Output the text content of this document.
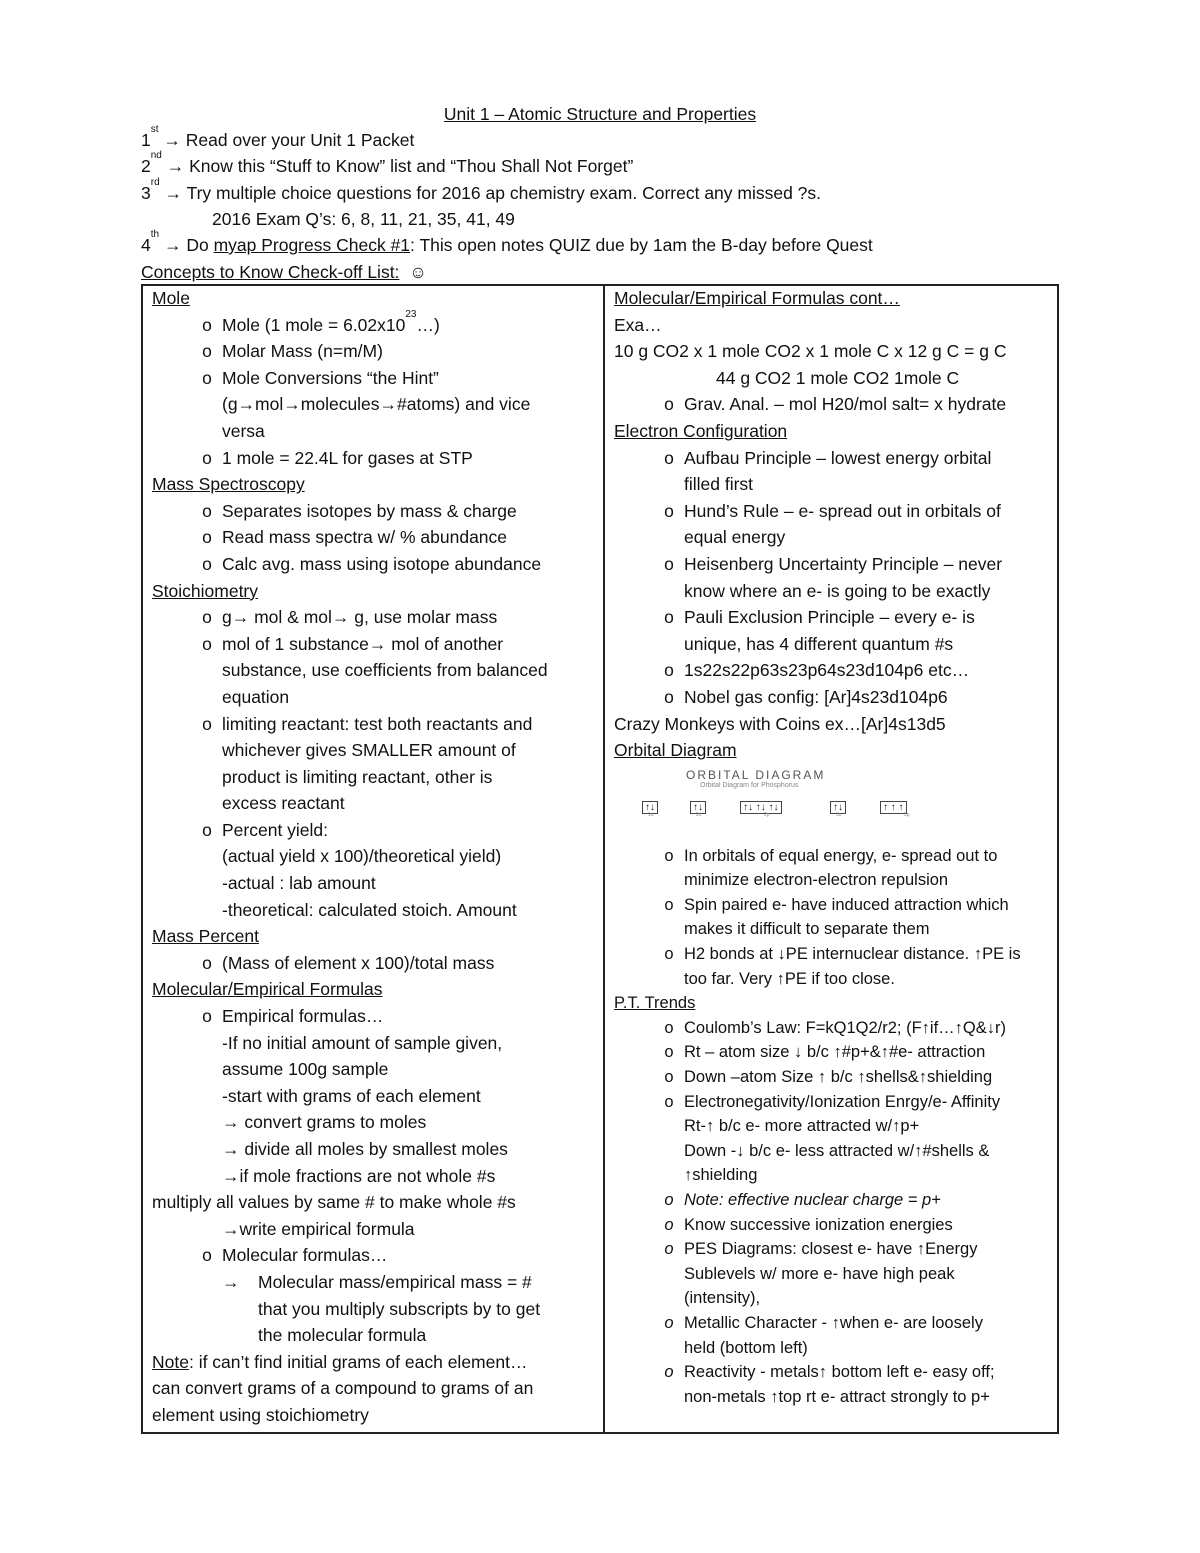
Unit 1 – Atomic Structure and Properties
1st → Read over your Unit 1 Packet
2nd → Know this “Stuff to Know” list and “Thou Shall Not Forget”
3rd → Try multiple choice questions for 2016 ap chemistry exam. Correct any missed ?s.
2016 Exam Q’s: 6, 8, 11, 21, 35, 41, 49
4th → Do myap Progress Check #1: This open notes QUIZ due by 1am the B-day before Quest
Concepts to Know Check-off List: ☺
Mole
o Mole (1 mole = $6.02x10^{23}\dots$)
o Molar Mass (n=m/M)
o Mole Conversions “the Hint”
(g→mol→molecules→#atoms) and vice
versa
o 1 mole = 22.4L for gases at STP
Mass Spectroscopy
o Separates isotopes by mass & charge
o Read mass spectra w/ % abundance
o Calc avg. mass using isotope abundance
Stoichiometry
o g→ mol & mol→ g, use molar mass
o mol of 1 substance→ mol of another
substance, use coefficients from balanced
equation
o limiting reactant: test both reactants and
whichever gives SMALLER amount of
product is limiting reactant, other is
excess reactant
o Percent yield:
(actual yield x 100)/theoretical yield)
-actual : lab amount
-theoretical: calculated stoich. Amount
Mass Percent
o (Mass of element x 100)/total mass
Molecular/Empirical Formulas
o Empirical formulas…
-If no initial amount of sample given,
assume 100g sample
-start with grams of each element
→ convert grams to moles
→ divide all moles by smallest moles
→if mole fractions are not whole #s
multiply all values by same # to make whole #s
→write empirical formula
o Molecular formulas…
→	Molecular mass/empirical mass = #
that you multiply subscripts by to get
the molecular formula
Note: if can’t find initial grams of each element…
can convert grams of a compound to grams of an
element using stoichiometry
Molecular/Empirical Formulas cont…
Exa…
10 g CO2 x 1 mole CO2 x 1 mole C x 12 g C = g C
44 g CO2 1 mole CO2 1mole C
o Grav. Anal. – mol H20/mol salt= x hydrate
Electron Configuration
o Aufbau Principle – lowest energy orbital
filled first
o Hund’s Rule – e- spread out in orbitals of
equal energy
o Heisenberg Uncertainty Principle – never
know where an e- is going to be exactly
o Pauli Exclusion Principle – every e- is
unique, has 4 different quantum #s
o 1s22s22p63s23p64s23d104p6 etc…
o Nobel gas config: [Ar]4s23d104p6
Crazy Monkeys with Coins ex…[Ar]4s13d5
Orbital Diagram
ORBITAL DIAGRAM
Orbital Diagram for Phosphorus
↑↓	↑↓	↑↓ ↑↓ ↑↓	↑↓	↑ ↑ ↑
1s	2s	2p	3s	3p
o In orbitals of equal energy, e- spread out to
minimize electron-electron repulsion
o Spin paired e- have induced attraction which
makes it difficult to separate them
o H2 bonds at ↓PE internuclear distance. ↑PE is
too far. Very ↑PE if too close.
P.T. Trends
o Coulomb’s Law: F=kQ1Q2/r2; (F↑if…↑Q&↓r)
o Rt – atom size ↓ b/c ↑#p+&↑#e- attraction
o Down –atom Size ↑ b/c ↑shells&↑shielding
o Electronegativity/Ionization Enrgy/e- Affinity
Rt-↑ b/c e- more attracted w/↑p+
Down -↓ b/c e- less attracted w/↑#shells &
↑shielding
o Note: effective nuclear charge = p+
o Know successive ionization energies
o PES Diagrams: closest e- have ↑Energy
Sublevels w/ more e- have high peak
(intensity),
o Metallic Character - ↑when e- are loosely
held (bottom left)
o Reactivity - metals↑ bottom left e- easy off;
non-metals ↑top rt e- attract strongly to p+
